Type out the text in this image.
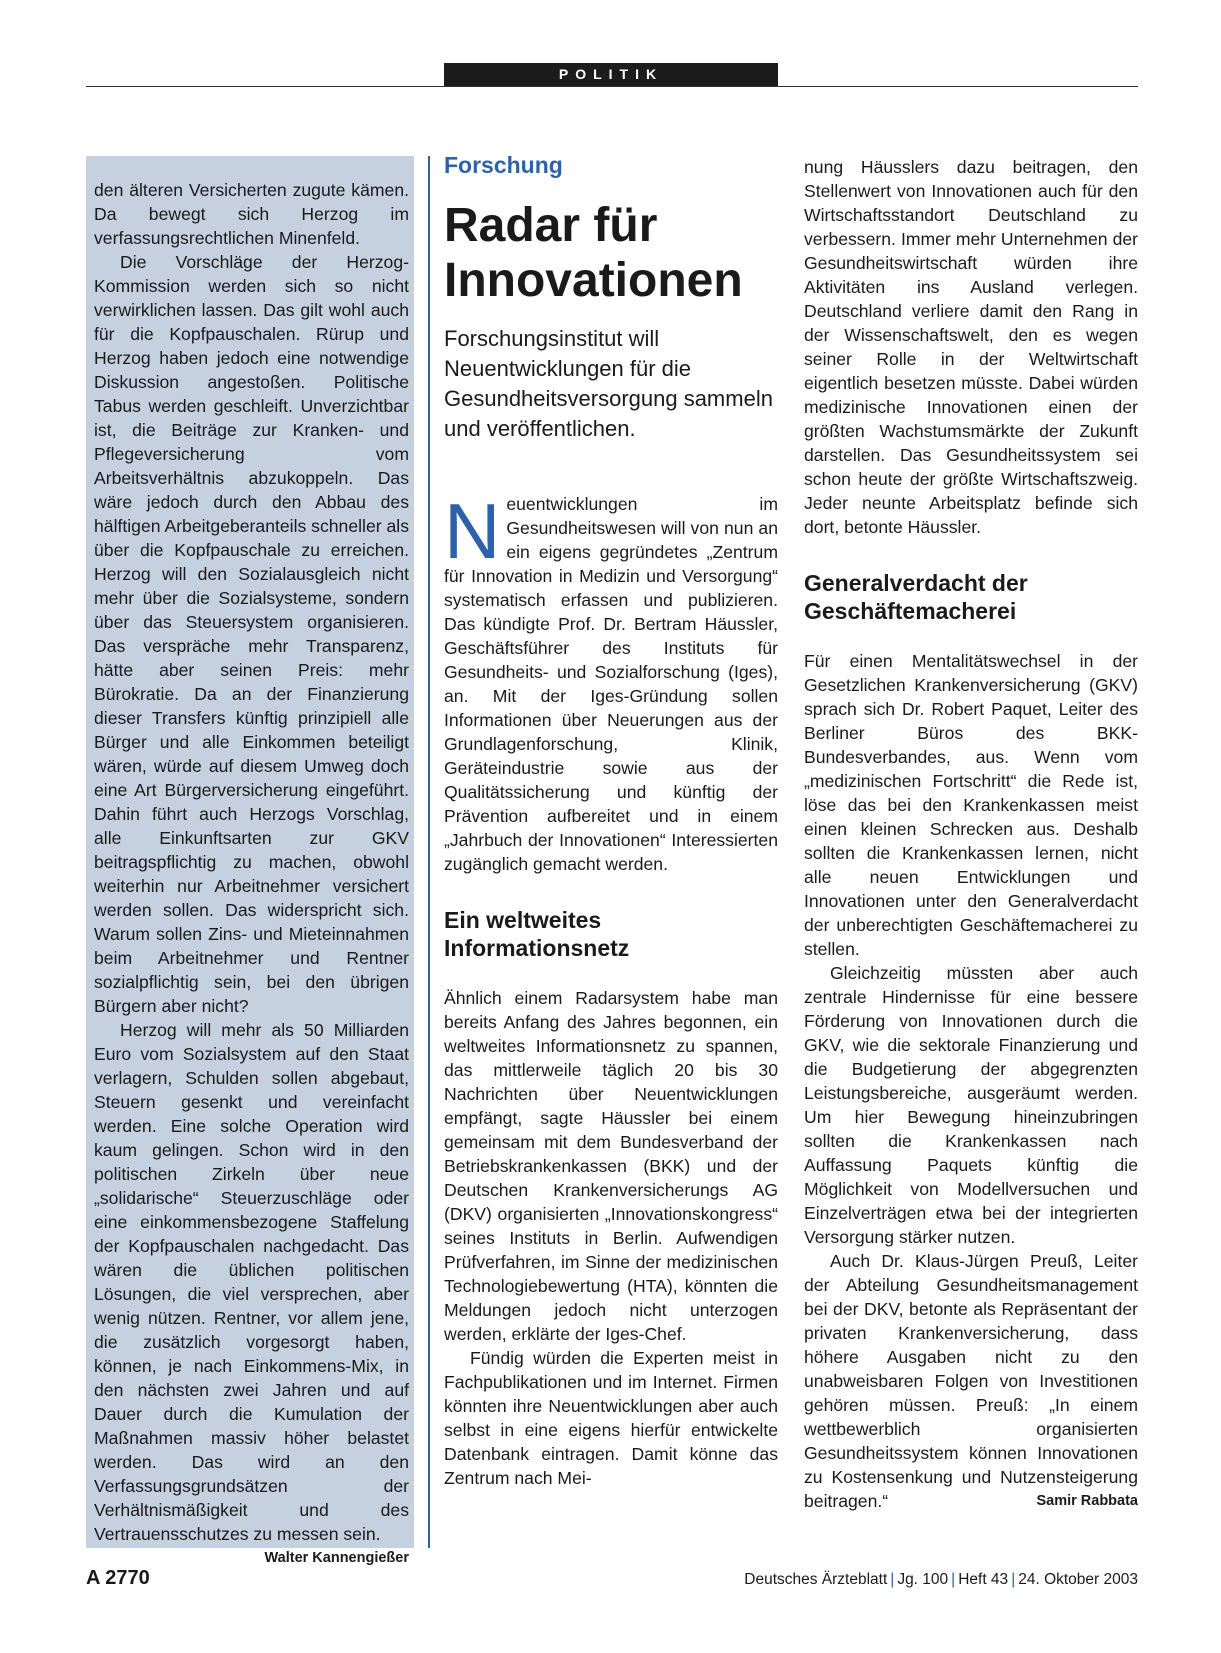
POLITIK

den älteren Versicherten zugute kämen. Da bewegt sich Herzog im verfassungsrechtlichen Minenfeld.

Die Vorschläge der Herzog-Kommission werden sich so nicht verwirklichen lassen. Das gilt wohl auch für die Kopfpauschalen. Rürup und Herzog haben jedoch eine notwendige Diskussion angestoßen. Politische Tabus werden geschleift. Unverzichtbar ist, die Beiträge zur Kranken- und Pflegeversicherung vom Arbeitsverhältnis abzukoppeln. Das wäre jedoch durch den Abbau des hälftigen Arbeitgeberanteils schneller als über die Kopfpauschale zu erreichen. Herzog will den Sozialausgleich nicht mehr über die Sozialsysteme, sondern über das Steuersystem organisieren. Das verspräche mehr Transparenz, hätte aber seinen Preis: mehr Bürokratie. Da an der Finanzierung dieser Transfers künftig prinzipiell alle Bürger und alle Einkommen beteiligt wären, würde auf diesem Umweg doch eine Art Bürgerversicherung eingeführt. Dahin führt auch Herzogs Vorschlag, alle Einkunftsarten zur GKV beitragspflichtig zu machen, obwohl weiterhin nur Arbeitnehmer versichert werden sollen. Das widerspricht sich. Warum sollen Zins- und Mieteinnahmen beim Arbeitnehmer und Rentner sozialpflichtig sein, bei den übrigen Bürgern aber nicht?

Herzog will mehr als 50 Milliarden Euro vom Sozialsystem auf den Staat verlagern, Schulden sollen abgebaut, Steuern gesenkt und vereinfacht werden. Eine solche Operation wird kaum gelingen. Schon wird in den politischen Zirkeln über neue „solidarische“ Steuerzuschläge oder eine einkommensbezogene Staffelung der Kopfpauschalen nachgedacht. Das wären die üblichen politischen Lösungen, die viel versprechen, aber wenig nützen. Rentner, vor allem jene, die zusätzlich vorgesorgt haben, können, je nach Einkommens-Mix, in den nächsten zwei Jahren und auf Dauer durch die Kumulation der Maßnahmen massiv höher belastet werden. Das wird an den Verfassungsgrundsätzen der Verhältnismäßigkeit und des Vertrauensschutzes zu messen sein.
Walter Kannengießer

Forschung
Radar für Innovationen
Forschungsinstitut will Neuentwicklungen für die Gesundheitsversorgung sammeln und veröffentlichen.

Neuentwicklungen im Gesundheitswesen will von nun an ein eigens gegründetes „Zentrum für Innovation in Medizin und Versorgung“ systematisch erfassen und publizieren. Das kündigte Prof. Dr. Bertram Häussler, Geschäftsführer des Instituts für Gesundheits- und Sozialforschung (Iges), an. Mit der Iges-Gründung sollen Informationen über Neuerungen aus der Grundlagenforschung, Klinik, Geräteindustrie sowie aus der Qualitätssicherung und künftig der Prävention aufbereitet und in einem „Jahrbuch der Innovationen“ Interessierten zugänglich gemacht werden.

Ein weltweites Informationsnetz

Ähnlich einem Radarsystem habe man bereits Anfang des Jahres begonnen, ein weltweites Informationsnetz zu spannen, das mittlerweile täglich 20 bis 30 Nachrichten über Neuentwicklungen empfängt, sagte Häussler bei einem gemeinsam mit dem Bundesverband der Betriebskrankenkassen (BKK) und der Deutschen Krankenversicherungs AG (DKV) organisierten „Innovationskongress“ seines Instituts in Berlin. Aufwendigen Prüfverfahren, im Sinne der medizinischen Technologiebewertung (HTA), könnten die Meldungen jedoch nicht unterzogen werden, erklärte der Iges-Chef.

Fündig würden die Experten meist in Fachpublikationen und im Internet. Firmen könnten ihre Neuentwicklungen aber auch selbst in eine eigens hierfür entwickelte Datenbank eintragen. Damit könne das Zentrum nach Mei-

nung Häusslers dazu beitragen, den Stellenwert von Innovationen auch für den Wirtschaftsstandort Deutschland zu verbessern. Immer mehr Unternehmen der Gesundheitswirtschaft würden ihre Aktivitäten ins Ausland verlegen. Deutschland verliere damit den Rang in der Wissenschaftswelt, den es wegen seiner Rolle in der Weltwirtschaft eigentlich besetzen müsste. Dabei würden medizinische Innovationen einen der größten Wachstumsmärkte der Zukunft darstellen. Das Gesundheitssystem sei schon heute der größte Wirtschaftszweig. Jeder neunte Arbeitsplatz befinde sich dort, betonte Häussler.

Generalverdacht der Geschäftemacherei

Für einen Mentalitätswechsel in der Gesetzlichen Krankenversicherung (GKV) sprach sich Dr. Robert Paquet, Leiter des Berliner Büros des BKK-Bundesverbandes, aus. Wenn vom „medizinischen Fortschritt“ die Rede ist, löse das bei den Krankenkassen meist einen kleinen Schrecken aus. Deshalb sollten die Krankenkassen lernen, nicht alle neuen Entwicklungen und Innovationen unter den Generalverdacht der unberechtigten Geschäftemacherei zu stellen.

Gleichzeitig müssten aber auch zentrale Hindernisse für eine bessere Förderung von Innovationen durch die GKV, wie die sektorale Finanzierung und die Budgetierung der abgegrenzten Leistungsbereiche, ausgeräumt werden. Um hier Bewegung hineinzubringen sollten die Krankenkassen nach Auffassung Paquets künftig die Möglichkeit von Modellversuchen und Einzelverträgen etwa bei der integrierten Versorgung stärker nutzen.

Auch Dr. Klaus-Jürgen Preuß, Leiter der Abteilung Gesundheitsmanagement bei der DKV, betonte als Repräsentant der privaten Krankenversicherung, dass höhere Ausgaben nicht zu den unabweisbaren Folgen von Investitionen gehören müssen. Preuß: „In einem wettbewerblich organisierten Gesundheitssystem können Innovationen zu Kostensenkung und Nutzensteigerung beitragen.“	Samir Rabbata

A 2770	Deutsches Ärzteblatt | Jg. 100 | Heft 43 | 24. Oktober 2003
